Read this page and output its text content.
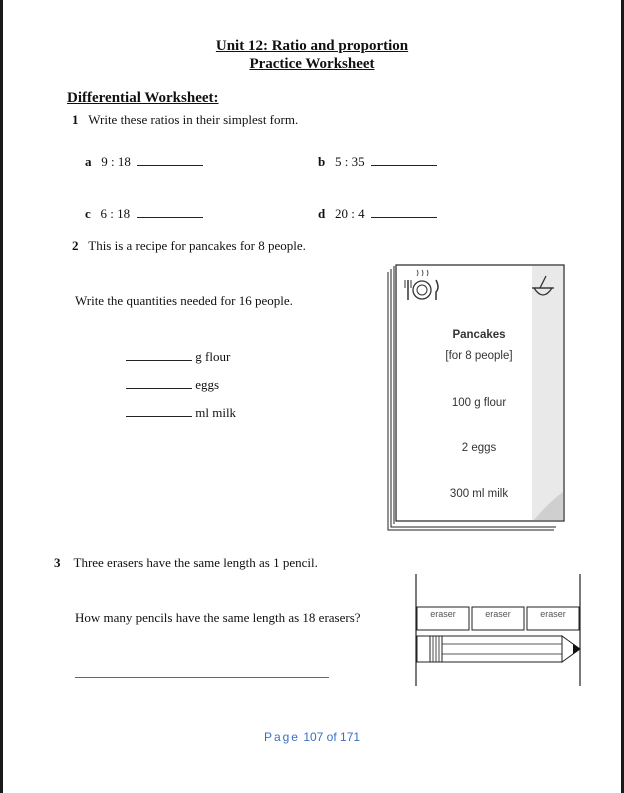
Unit 12: Ratio and proportion
Practice Worksheet
Differential Worksheet:
1 Write these ratios in their simplest form.
a 9 : 18	b 5 : 35
c 6 : 18	d 20 : 4
2 This is a recipe for pancakes for 8 people.
Write the quantities needed for 16 people.
g flour
eggs
ml milk
Pancakes
[for 8 people]
100 g flour
2 eggs
300 ml milk
3 Three erasers have the same length as 1 pencil.
How many pencils have the same length as 18 erasers?	eraser	eraser	eraser
Page 107 of 171
